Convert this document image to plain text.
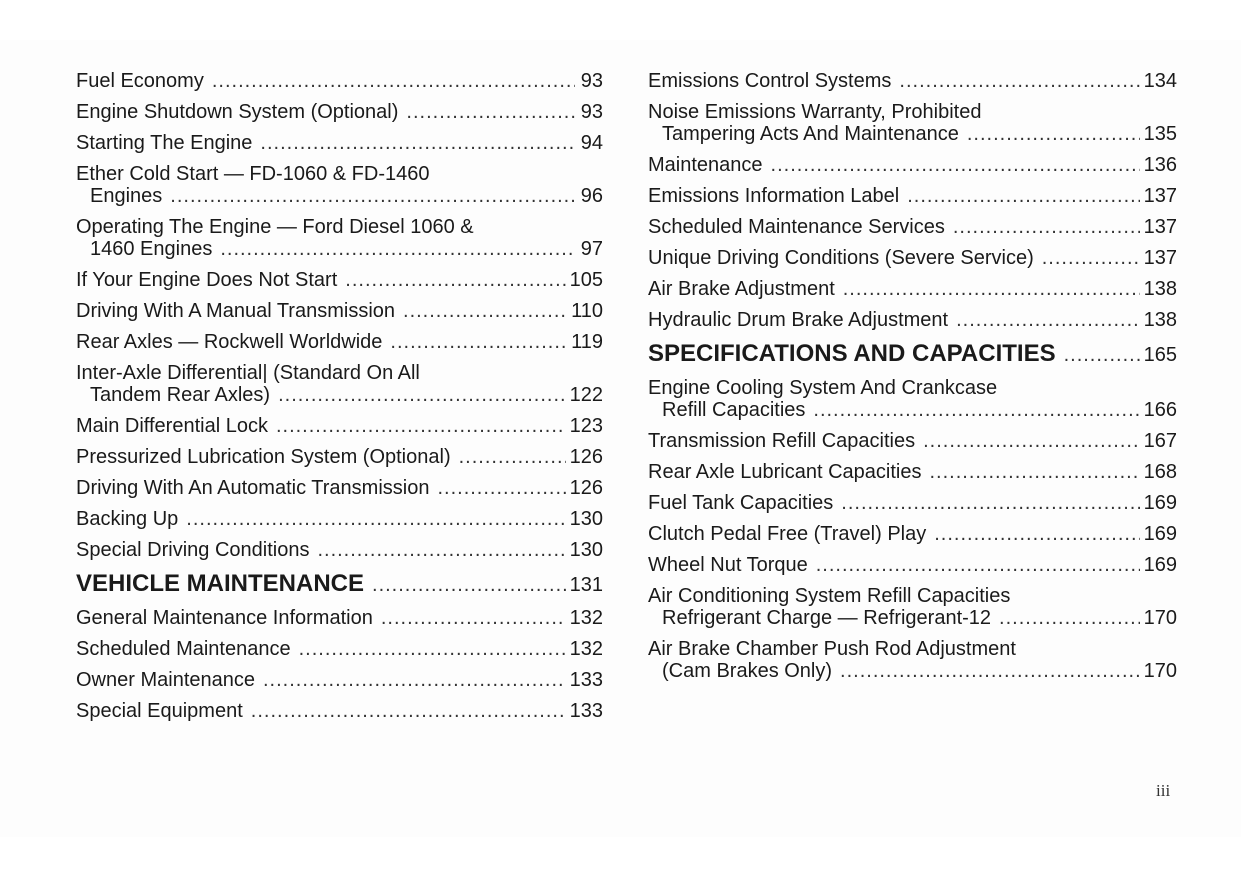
Fuel Economy .....	93
Engine Shutdown System (Optional) .....	93
Starting The Engine .....	94
Ether Cold Start — FD-1060 & FD-1460
Engines .....	96
Operating The Engine — Ford Diesel 1060 &
1460 Engines .....	97
If Your Engine Does Not Start .....	105
Driving With A Manual Transmission .....	110
Rear Axles — Rockwell Worldwide .....	119
Inter-Axle Differential| (Standard On All
Tandem Rear Axles) .....	122
Main Differential Lock .....	123
Pressurized Lubrication System (Optional) .....	126
Driving With An Automatic Transmission .....	126
Backing Up .....	130
Special Driving Conditions .....	130
VEHICLE MAINTENANCE .....	131
General Maintenance Information .....	132
Scheduled Maintenance .....	132
Owner Maintenance .....	133
Special Equipment .....	133
Emissions Control Systems .....	134
Noise Emissions Warranty, Prohibited
Tampering Acts And Maintenance .....	135
Maintenance .....	136
Emissions Information Label .....	137
Scheduled Maintenance Services .....	137
Unique Driving Conditions (Severe Service) .....	137
Air Brake Adjustment .....	138
Hydraulic Drum Brake Adjustment .....	138
SPECIFICATIONS AND CAPACITIES .....	165
Engine Cooling System And Crankcase
Refill Capacities .....	166
Transmission Refill Capacities .....	167
Rear Axle Lubricant Capacities .....	168
Fuel Tank Capacities .....	169
Clutch Pedal Free (Travel) Play .....	169
Wheel Nut Torque .....	169
Air Conditioning System Refill Capacities
Refrigerant Charge — Refrigerant-12 .....	170
Air Brake Chamber Push Rod Adjustment
(Cam Brakes Only) .....	170
iii
